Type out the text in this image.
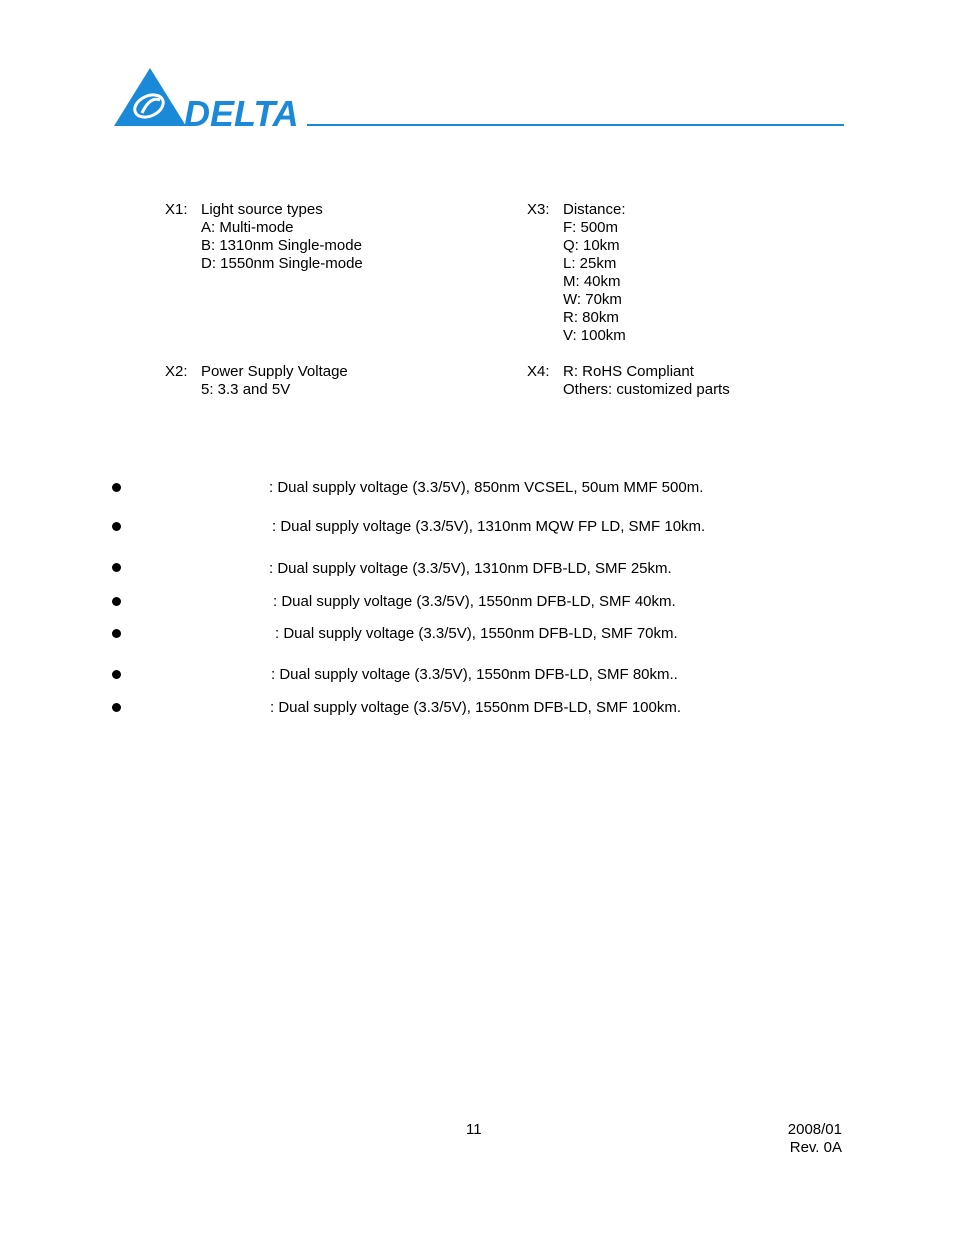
DELTA
X1: Light source types
A: Multi-mode
B: 1310nm Single-mode
D: 1550nm Single-mode
X3: Distance:
F: 500m
Q: 10km
L: 25km
M: 40km
W: 70km
R: 80km
V: 100km
X2: Power Supply Voltage
5: 3.3 and 5V
X4: R: RoHS Compliant
Others: customized parts
: Dual supply voltage (3.3/5V), 850nm VCSEL, 50um MMF 500m.
: Dual supply voltage (3.3/5V), 1310nm MQW FP LD, SMF 10km.
: Dual supply voltage (3.3/5V), 1310nm DFB-LD, SMF 25km.
: Dual supply voltage (3.3/5V), 1550nm DFB-LD, SMF 40km.
: Dual supply voltage (3.3/5V), 1550nm DFB-LD, SMF 70km.
: Dual supply voltage (3.3/5V), 1550nm DFB-LD, SMF 80km..
: Dual supply voltage (3.3/5V), 1550nm DFB-LD, SMF 100km.
11	2008/01
Rev. 0A
